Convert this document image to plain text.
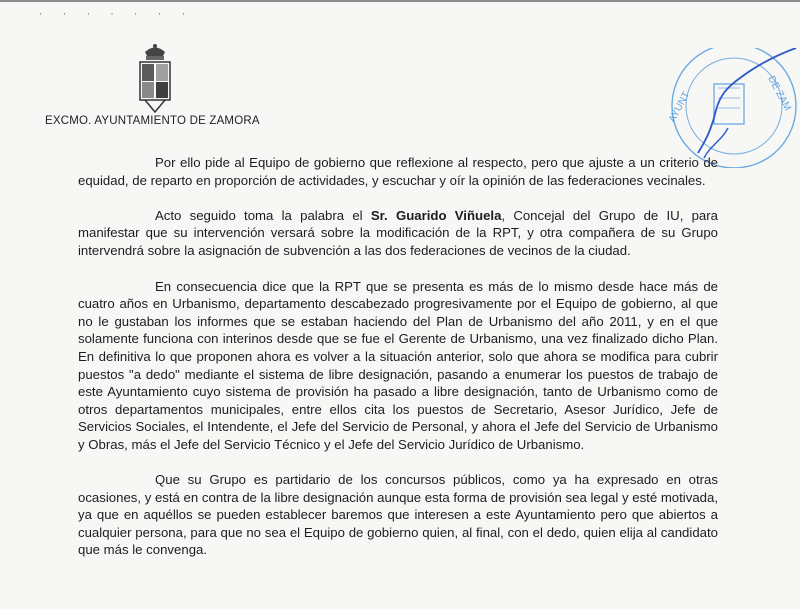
' ' ' ' ' ' '
EXCMO. AYUNTAMIENTO DE ZAMORA	AYUNT	DE ZAM

Por ello pide al Equipo de gobierno que reflexione al respecto, pero que ajuste a un criterio de equidad, de reparto en proporción de actividades, y escuchar y oír la opinión de las federaciones vecinales.

Acto seguido toma la palabra el Sr. Guarido Viñuela, Concejal del Grupo de IU, para manifestar que su intervención versará sobre la modificación de la RPT, y otra compañera de su Grupo intervendrá sobre la asignación de subvención a las dos federaciones de vecinos de la ciudad.

En consecuencia dice que la RPT que se presenta es más de lo mismo desde hace más de cuatro años en Urbanismo, departamento descabezado progresivamente por el Equipo de gobierno, al que no le gustaban los informes que se estaban haciendo del Plan de Urbanismo del año 2011, y en el que solamente funciona con interinos desde que se fue el Gerente de Urbanismo, una vez finalizado dicho Plan. En definitiva lo que proponen ahora es volver a la situación anterior, solo que ahora se modifica para cubrir puestos "a dedo" mediante el sistema de libre designación, pasando a enumerar los puestos de trabajo de este Ayuntamiento cuyo sistema de provisión ha pasado a libre designación, tanto de Urbanismo como de otros departamentos municipales, entre ellos cita los puestos de Secretario, Asesor Jurídico, Jefe de Servicios Sociales, el Intendente, el Jefe del Servicio de Personal, y ahora el Jefe del Servicio de Urbanismo y Obras, más el Jefe del Servicio Técnico y el Jefe del Servicio Jurídico de Urbanismo.

Que su Grupo es partidario de los concursos públicos, como ya ha expresado en otras ocasiones, y está en contra de la libre designación aunque esta forma de provisión sea legal y esté motivada, ya que en aquéllos se pueden establecer baremos que interesen a este Ayuntamiento pero que abiertos a cualquier persona, para que no sea el Equipo de gobierno quien, al final, con el dedo, quien elija al candidato que más le convenga.
